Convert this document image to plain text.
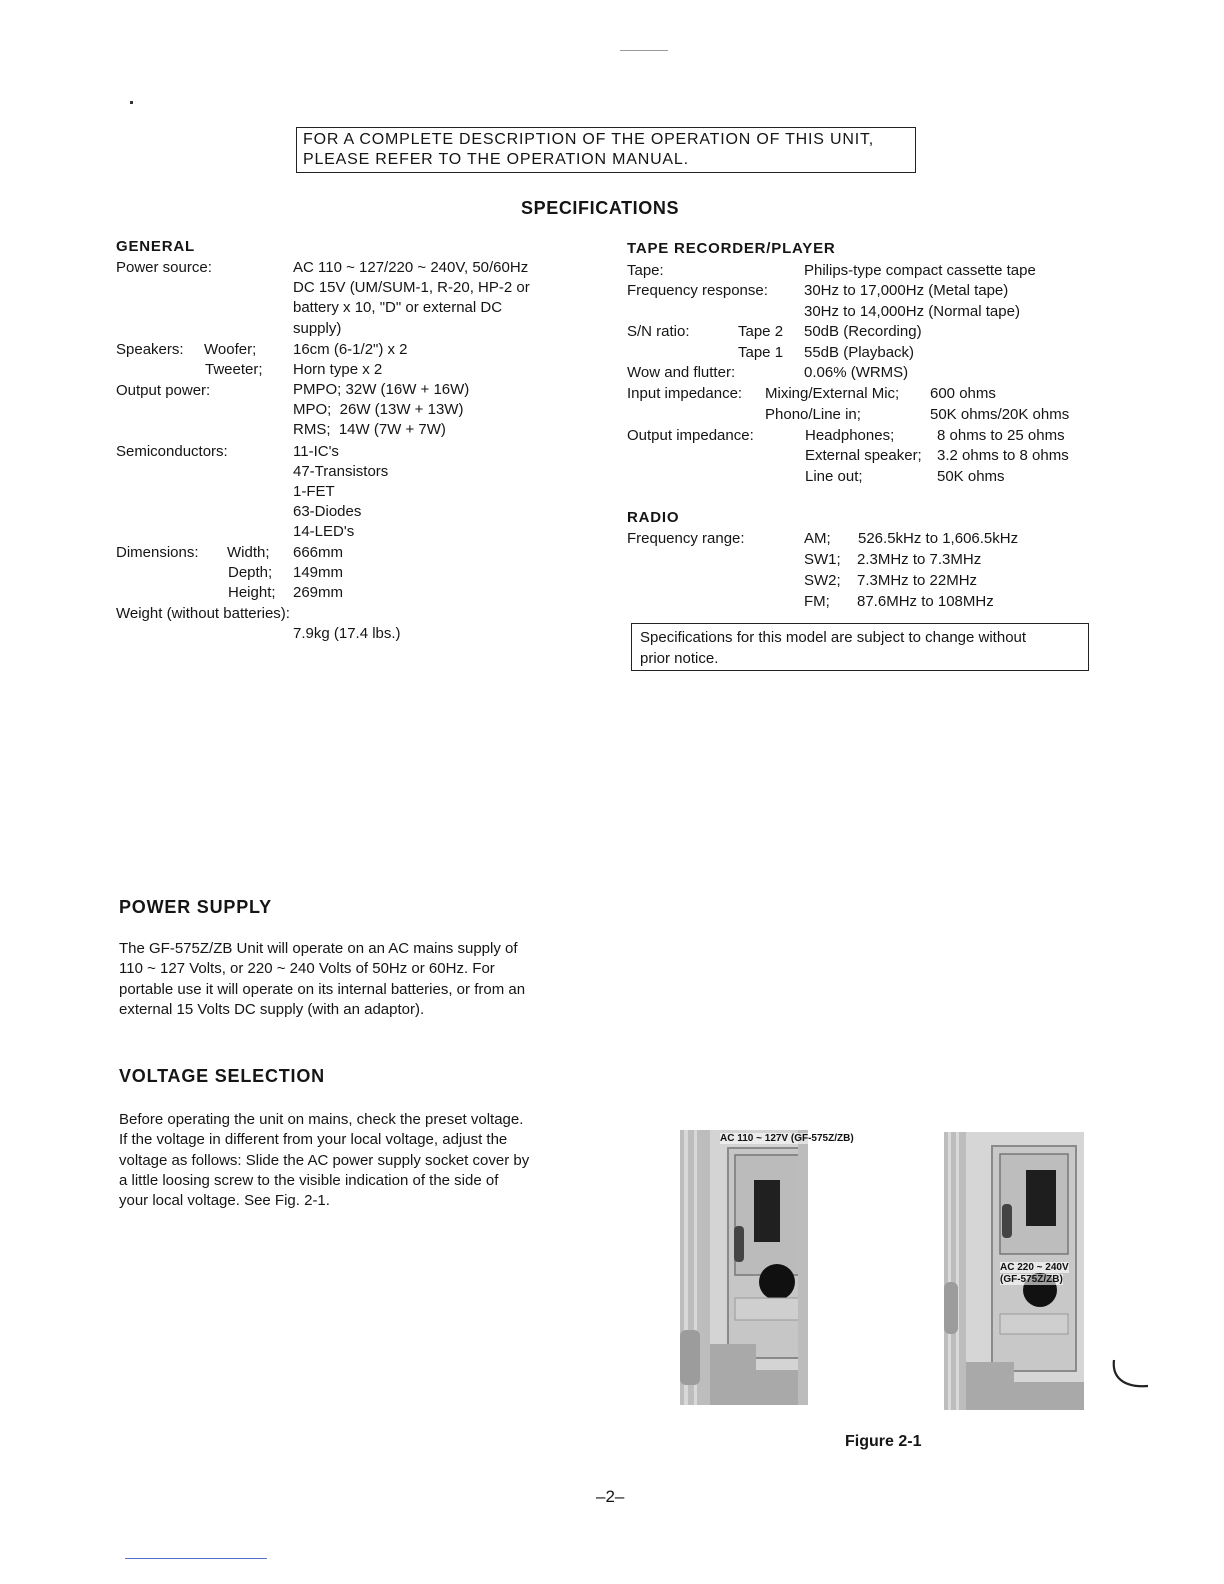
FOR A COMPLETE DESCRIPTION OF THE OPERATION OF THIS UNIT,
PLEASE REFER TO THE OPERATION MANUAL.
SPECIFICATIONS
GENERAL
Power source:	AC 110 ~ 127/220 ~ 240V, 50/60Hz
DC 15V (UM/SUM-1, R-20, HP-2 or
battery x 10, "D" or external DC
supply)
Speakers: Woofer; 16cm (6-1/2") x 2
Tweeter; Horn type x 2
Output power:	PMPO; 32W (16W + 16W)
MPO;  26W (13W + 13W)
RMS;  14W (7W + 7W)
Semiconductors:	11-IC's
47-Transistors
1-FET
63-Diodes
14-LED's
Dimensions: Width; 666mm
Depth; 149mm
Height; 269mm
Weight (without batteries):
7.9kg (17.4 lbs.)
TAPE RECORDER/PLAYER
Tape:	Philips-type compact cassette tape
Frequency response: 30Hz to 17,000Hz (Metal tape)
30Hz to 14,000Hz (Normal tape)
S/N ratio:	Tape 2 50dB (Recording)
Tape 1 55dB (Playback)
Wow and flutter:	0.06% (WRMS)
Input impedance: Mixing/External Mic; 600 ohms
Phono/Line in;	50K ohms/20K ohms
Output impedance:	Headphones;	8 ohms to 25 ohms
External speaker; 3.2 ohms to 8 ohms
Line out;	50K ohms
RADIO
Frequency range:	AM; 526.5kHz to 1,606.5kHz
SW1; 2.3MHz to 7.3MHz
SW2; 7.3MHz to 22MHz
FM; 87.6MHz to 108MHz
Specifications for this model are subject to change without
prior notice.
POWER SUPPLY

The GF-575Z/ZB Unit will operate on an AC mains supply of

110 ~ 127 Volts, or 220 ~ 240 Volts of 50Hz or 60Hz. For

portable use it will operate on its internal batteries, or from an

external 15 Volts DC supply (with an adaptor).

VOLTAGE SELECTION

Before operating the unit on mains, check the preset voltage.

If the voltage in different from your local voltage, adjust the

voltage as follows: Slide the AC power supply socket cover by

a little loosing screw to the visible indication of the side of

your local voltage. See Fig. 2-1.

AC 110 ~ 127V (GF-575Z/ZB)
AC 220 ~ 240V
(GF-575Z/ZB)
Figure 2-1
–2–
